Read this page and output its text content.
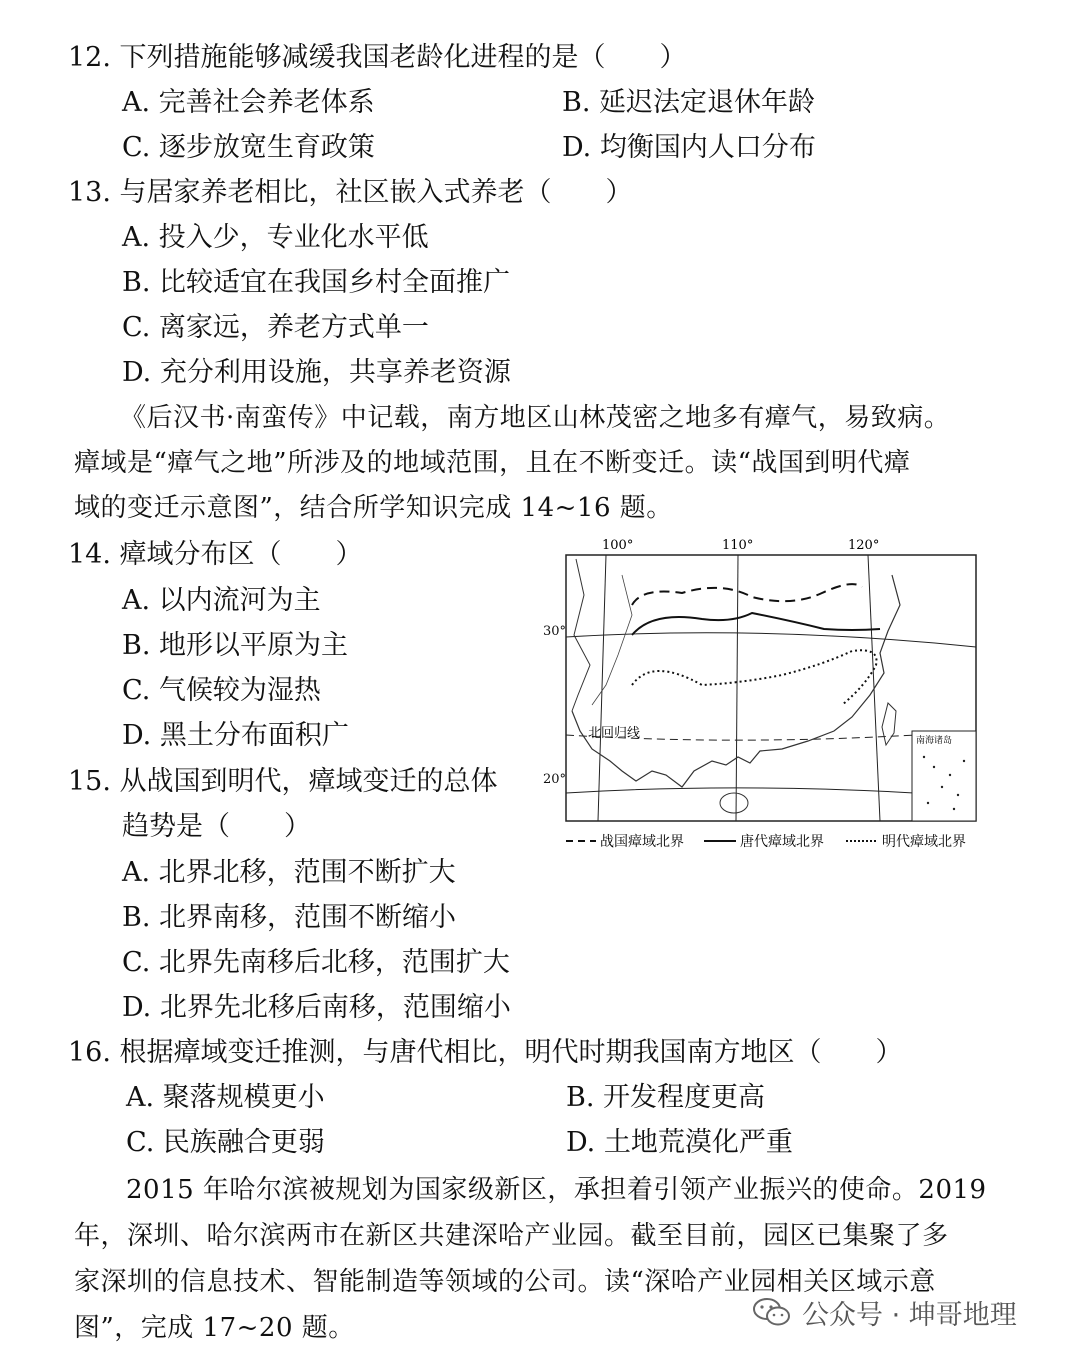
12. 下列措施能够减缓我国老龄化进程的是（　　）
A. 完善社会养老体系	B. 延迟法定退休年龄
C. 逐步放宽生育政策	D. 均衡国内人口分布
13. 与居家养老相比，社区嵌入式养老（　　）
A. 投入少，专业化水平低
B. 比较适宜在我国乡村全面推广
C. 离家远，养老方式单一
D. 充分利用设施，共享养老资源
《后汉书·南蛮传》中记载，南方地区山林茂密之地多有瘴气，易致病。
瘴域是“瘴气之地”所涉及的地域范围，且在不断变迁。读“战国到明代瘴
域的变迁示意图”，结合所学知识完成 14~16 题。
14. 瘴域分布区（　　）
A. 以内流河为主
B. 地形以平原为主
C. 气候较为湿热
D. 黑土分布面积广
15. 从战国到明代，瘴域变迁的总体
趋势是（　　）
A. 北界北移，范围不断扩大
B. 北界南移，范围不断缩小
C. 北界先南移后北移，范围扩大
D. 北界先北移后南移，范围缩小
16. 根据瘴域变迁推测，与唐代相比，明代时期我国南方地区（　　）
A. 聚落规模更小	B. 开发程度更高
C. 民族融合更弱	D. 土地荒漠化严重
2015 年哈尔滨被规划为国家级新区，承担着引领产业振兴的使命。2019
年，深圳、哈尔滨两市在新区共建深哈产业园。截至目前，园区已集聚了多
家深圳的信息技术、智能制造等领域的公司。读“深哈产业园相关区域示意
图”，完成 17~20 题。
100°	110°	120°
北回归线	南海诸岛
战国瘴域北界	唐代瘴域北界	明代瘴域北界
20°
公众号 · 坤哥地理
30°
